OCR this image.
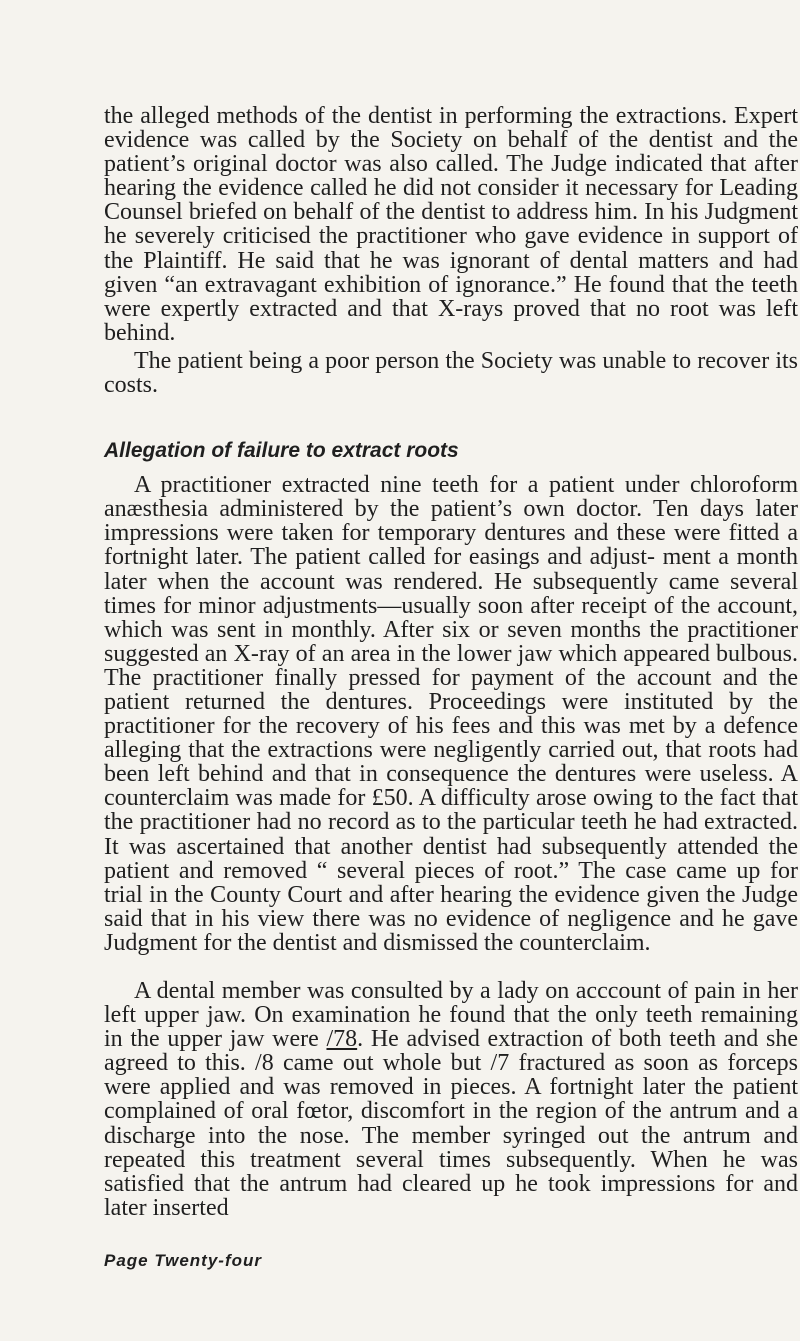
the alleged methods of the dentist in performing the extractions. Expert evidence was called by the Society on behalf of the dentist and the patient’s original doctor was also called. The Judge indicated that after hearing the evidence called he did not consider it necessary for Leading Counsel briefed on behalf of the dentist to address him. In his Judgment he severely criticised the practitioner who gave evidence in support of the Plaintiff. He said that he was ignorant of dental matters and had given “an extravagant exhibition of ignorance.” He found that the teeth were expertly extracted and that X-rays proved that no root was left behind.

The patient being a poor person the Society was unable to recover its costs.

Allegation of failure to extract roots

A practitioner extracted nine teeth for a patient under chloroform anæsthesia administered by the patient’s own doctor. Ten days later impressions were taken for temporary dentures and these were fitted a fortnight later. The patient called for easings and adjust- ment a month later when the account was rendered. He subsequently came several times for minor adjustments—usually soon after receipt of the account, which was sent in monthly. After six or seven months the practitioner suggested an X-ray of an area in the lower jaw which appeared bulbous. The practitioner finally pressed for payment of the account and the patient returned the dentures. Proceedings were instituted by the practitioner for the recovery of his fees and this was met by a defence alleging that the extractions were negligently carried out, that roots had been left behind and that in consequence the dentures were useless. A counterclaim was made for £50. A difficulty arose owing to the fact that the practitioner had no record as to the particular teeth he had extracted. It was ascertained that another dentist had subsequently attended the patient and removed “ several pieces of root.” The case came up for trial in the County Court and after hearing the evidence given the Judge said that in his view there was no evidence of negligence and he gave Judgment for the dentist and dismissed the counterclaim.

A dental member was consulted by a lady on acccount of pain in her left upper jaw. On examination he found that the only teeth remaining in the upper jaw were /78. He advised extraction of both teeth and she agreed to this. /8 came out whole but /7 fractured as soon as forceps were applied and was removed in pieces. A fortnight later the patient complained of oral fœtor, discomfort in the region of the antrum and a discharge into the nose. The member syringed out the antrum and repeated this treatment several times subsequently. When he was satisfied that the antrum had cleared up he took impressions for and later inserted

Page Twenty-four
